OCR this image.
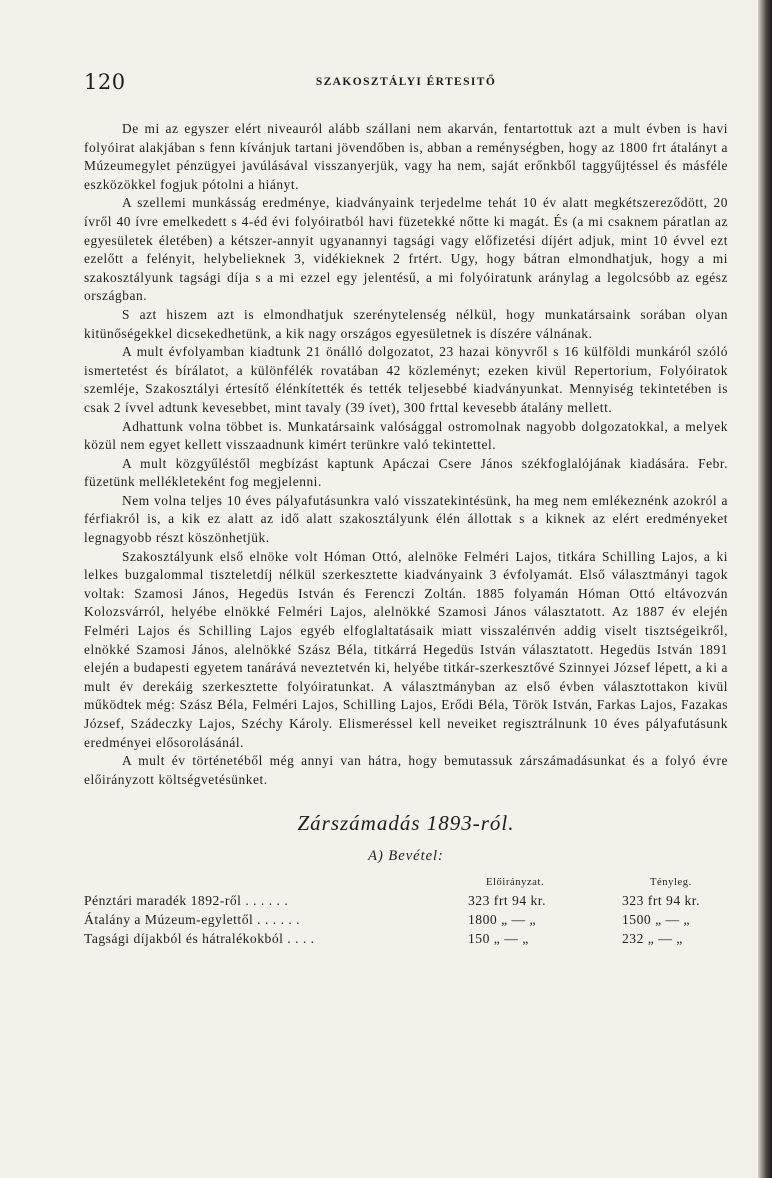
120	SZAKOSZTÁLYI ÉRTESITŐ

De mi az egyszer elért niveauról alább szállani nem akarván, fentartottuk azt a mult évben is havi folyóirat alakjában s fenn kívánjuk tartani jövendőben is, abban a reménységben, hogy az 1800 frt átalányt a Múzeumegylet pénzügyei javúlásával visszanyerjük, vagy ha nem, saját erőnkből taggyűjtéssel és másféle eszközökkel fogjuk pótolni a hiányt.

A szellemi munkásság eredménye, kiadványaink terjedelme tehát 10 év alatt megkétszereződött, 20 ívről 40 ívre emelkedett s 4-éd évi folyóiratból havi füzetekké nőtte ki magát. És (a mi csaknem páratlan az egyesületek életében) a kétszer-annyit ugyanannyi tagsági vagy előfizetési díjért adjuk, mint 10 évvel ezt ezelőtt a felényit, helybelieknek 3, vidékieknek 2 frtért. Ugy, hogy bátran elmondhatjuk, hogy a mi szakosztályunk tagsági díja s a mi ezzel egy jelentésű, a mi folyóiratunk aránylag a legolcsóbb az egész országban.

S azt hiszem azt is elmondhatjuk szerénytelenség nélkül, hogy munkatársaink sorában olyan kitünőségekkel dicsekedhetünk, a kik nagy országos egyesületnek is díszére válnának.

A mult évfolyamban kiadtunk 21 önálló dolgozatot, 23 hazai könyvről s 16 külföldi munkáról szóló ismertetést és bírálatot, a különfélék rovatában 42 közleményt; ezeken kivül Repertorium, Folyóiratok szemléje, Szakosztályi értesítő élénkítették és tették teljesebbé kiadványunkat. Mennyiség tekintetében is csak 2 ívvel adtunk kevesebbet, mint tavaly (39 ívet), 300 frttal kevesebb átalány mellett.

Adhattunk volna többet is. Munkatársaink valósággal ostromolnak nagyobb dolgozatokkal, a melyek közül nem egyet kellett visszaadnunk kimért terünkre való tekintettel.

A mult közgyűléstől megbízást kaptunk Apáczai Csere János székfoglalójának kiadására. Febr. füzetünk mellékleteként fog megjelenni.

Nem volna teljes 10 éves pályafutásunkra való visszatekintésünk, ha meg nem emlékeznénk azokról a férfiakról is, a kik ez alatt az idő alatt szakosztályunk élén állottak s a kiknek az elért eredményeket legnagyobb részt köszönhetjük.

Szakosztályunk első elnöke volt Hóman Ottó, alelnöke Felméri Lajos, titkára Schilling Lajos, a ki lelkes buzgalommal tiszteletdíj nélkül szerkesztette kiadványaink 3 évfolyamát. Első választmányi tagok voltak: Szamosi János, Hegedüs István és Ferenczi Zoltán. 1885 folyamán Hóman Ottó eltávozván Kolozsvárról, helyébe elnökké Felméri Lajos, alelnökké Szamosi János választatott. Az 1887 év elején Felméri Lajos és Schilling Lajos egyéb elfoglaltatásaik miatt visszaléпvén addig viselt tisztségeikről, elnökké Szamosi János, alelnökké Szász Béla, titkárrá Hegedüs István választatott. Hegedüs István 1891 elején a budapesti egyetem tanárává neveztetvén ki, helyébe titkár-szerkesztővé Szinnyei József lépett, a ki a mult év derekáig szerkesztette folyóiratunkat. A választmányban az első évben választottakon kivül működtek még: Szász Béla, Felméri Lajos, Schilling Lajos, Erődi Béla, Török István, Farkas Lajos, Fazakas József, Szádeczky Lajos, Széchy Károly. Elismeréssel kell neveiket regisztrálnunk 10 éves pályafutásunk eredményei elősorolásánál.

A mult év történetéből még annyi van hátra, hogy bemutassuk zárszámadásunkat és a folyó évre előirányzott költségvetésünket.

Zárszámadás 1893-ról.
A) Bevétel:
Előirányzat.	Tényleg.
Pénztári maradék 1892-ről . . . . . .	323 frt 94 kr.	323 frt 94 kr.
Átalány a Múzeum-egylettől . . . . . .	1800 „ — „	1500 „ — „
Tagsági díjakból és hátralékokból . . . .	150 „ — „	232 „ — „
